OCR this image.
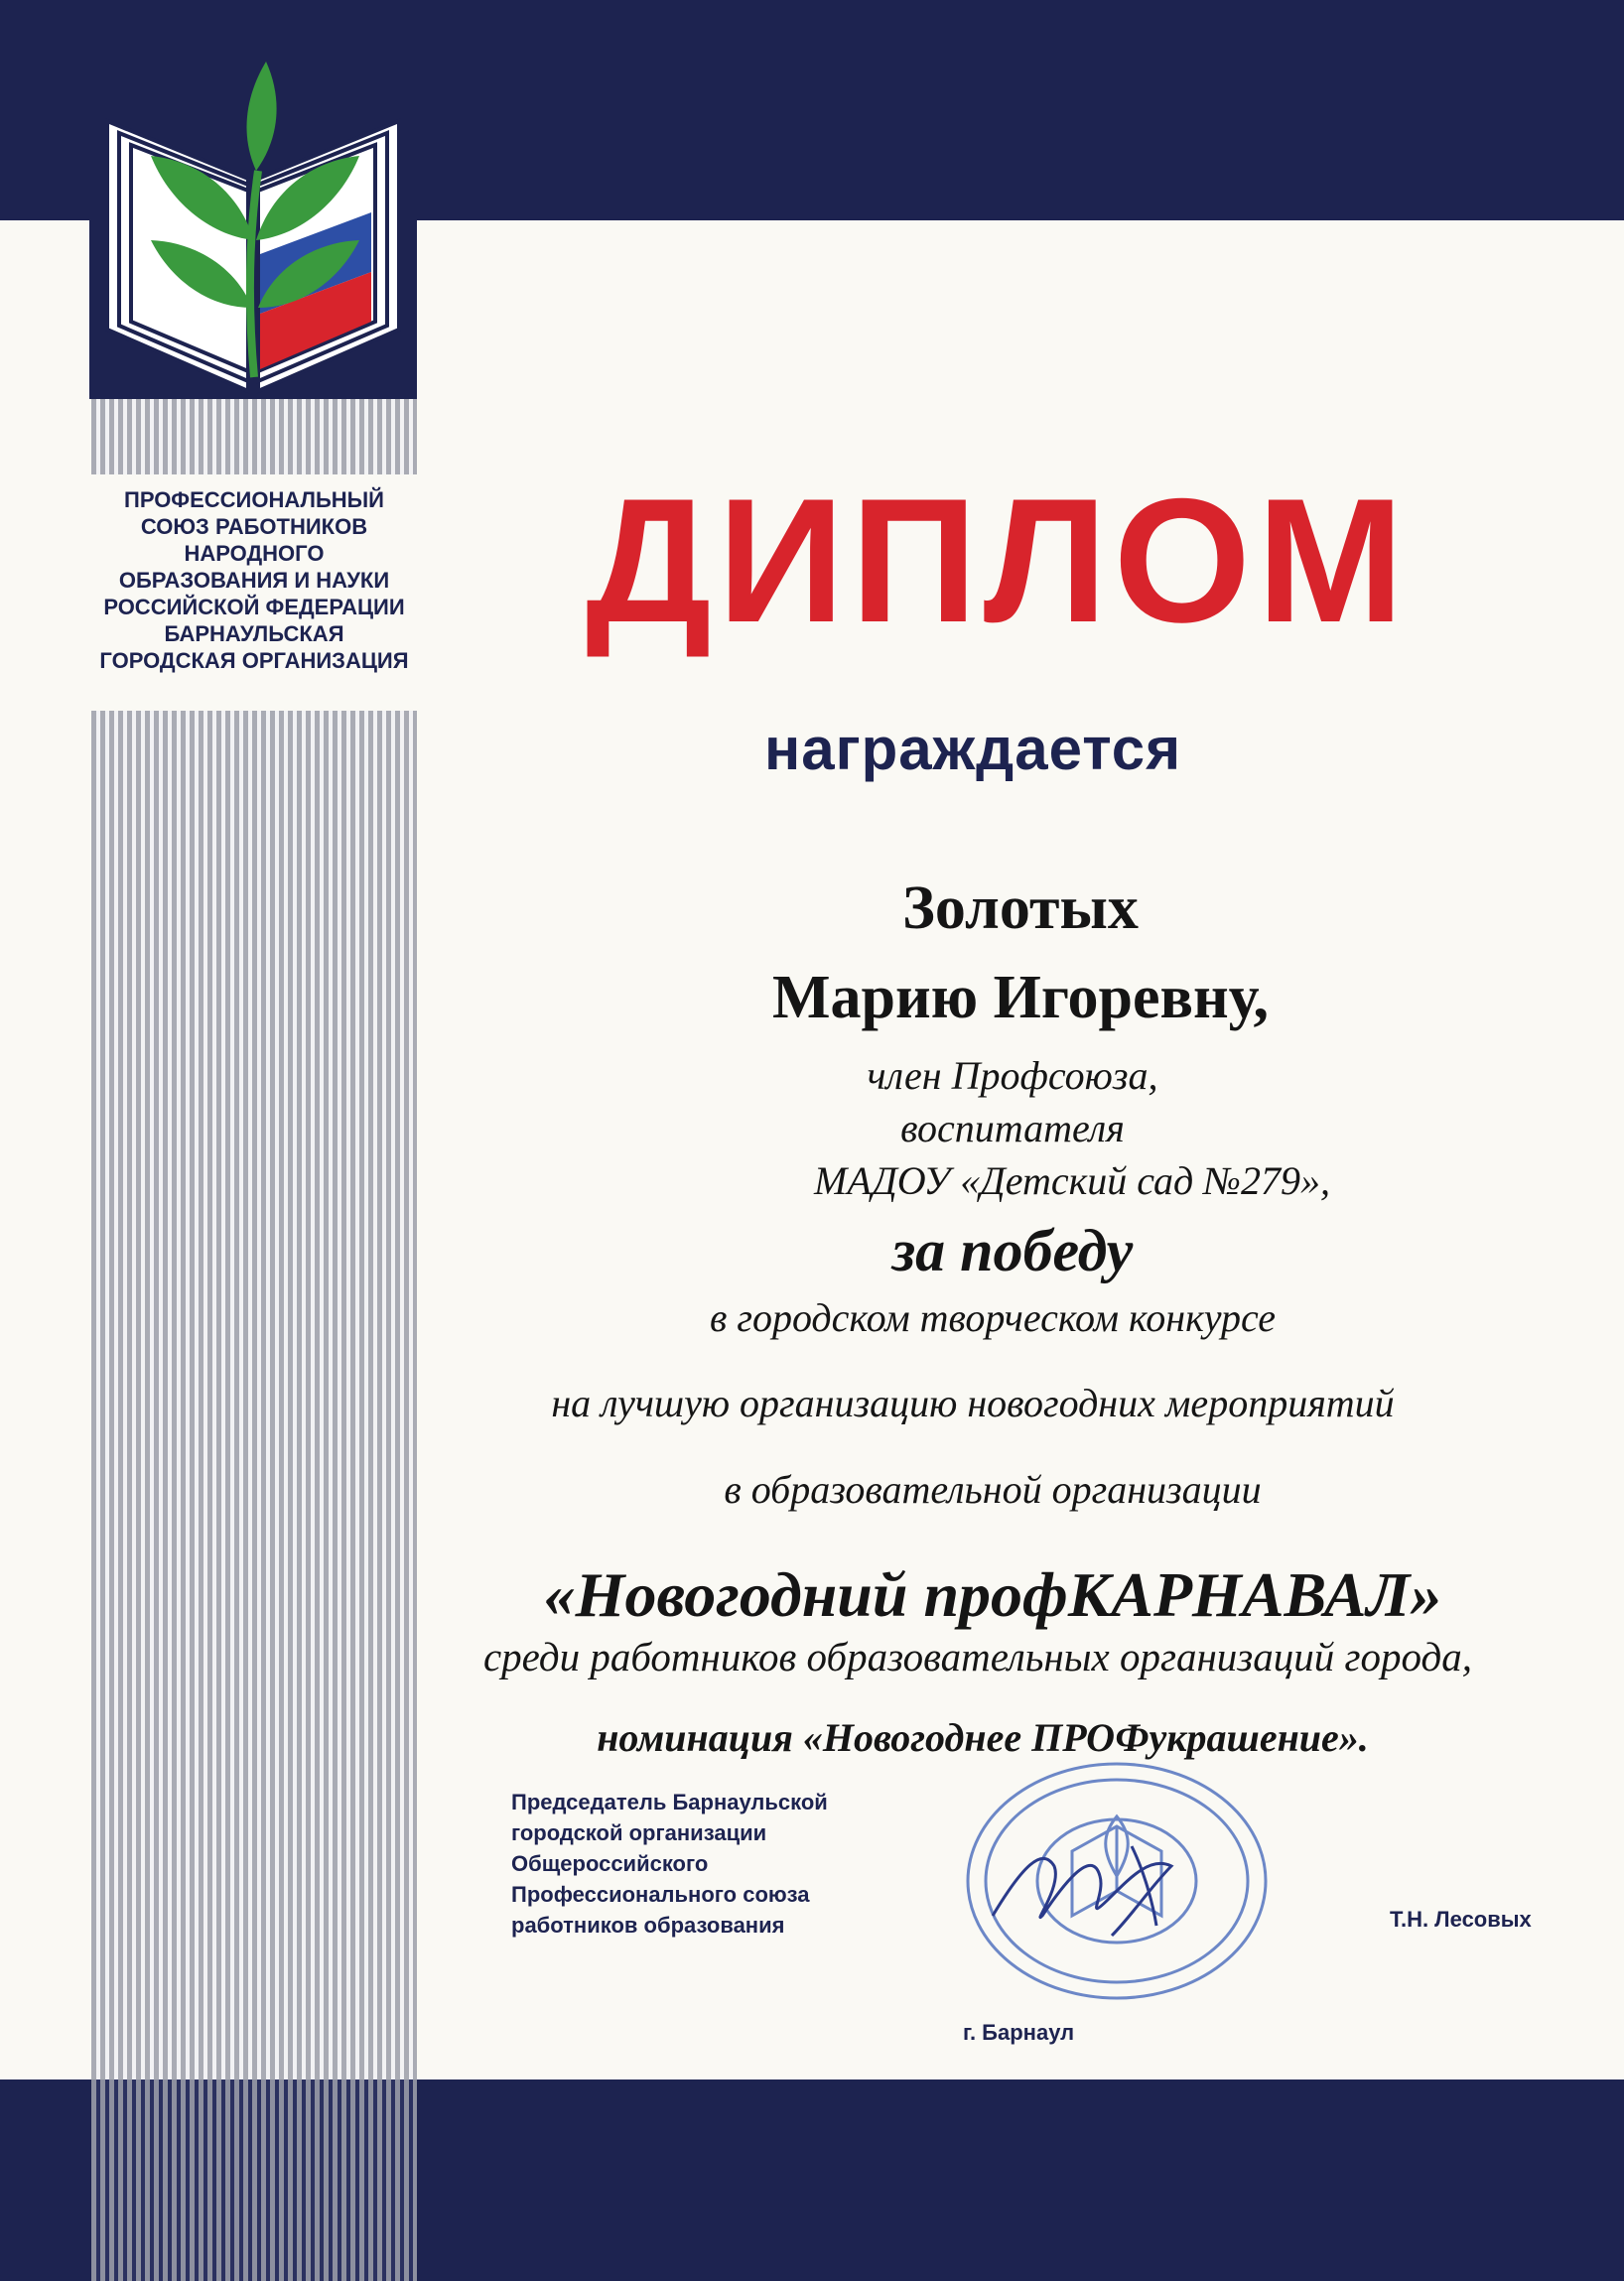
ПРОФЕССИОНАЛЬНЫЙ
СОЮЗ РАБОТНИКОВ
НАРОДНОГО
ОБРАЗОВАНИЯ И НАУКИ
РОССИЙСКОЙ ФЕДЕРАЦИИ
БАРНАУЛЬСКАЯ
ГОРОДСКАЯ ОРГАНИЗАЦИЯ
ДИПЛОМ
награждается
Золотых
Марию Игоревну,
член Профсоюза,
воспитателя
МАДОУ «Детский сад №279»,
за победу
в городском творческом конкурсе
на лучшую организацию новогодних мероприятий
в образовательной организации
«Новогодний профКАРНАВАЛ»
среди работников образовательных организаций города,
номинация «Новогоднее ПРОФукрашение».
Председатель Барнаульской
городской организации
Общероссийского
Профессионального союза
работников образования	Т.Н. Лесовых
г. Барнаул
